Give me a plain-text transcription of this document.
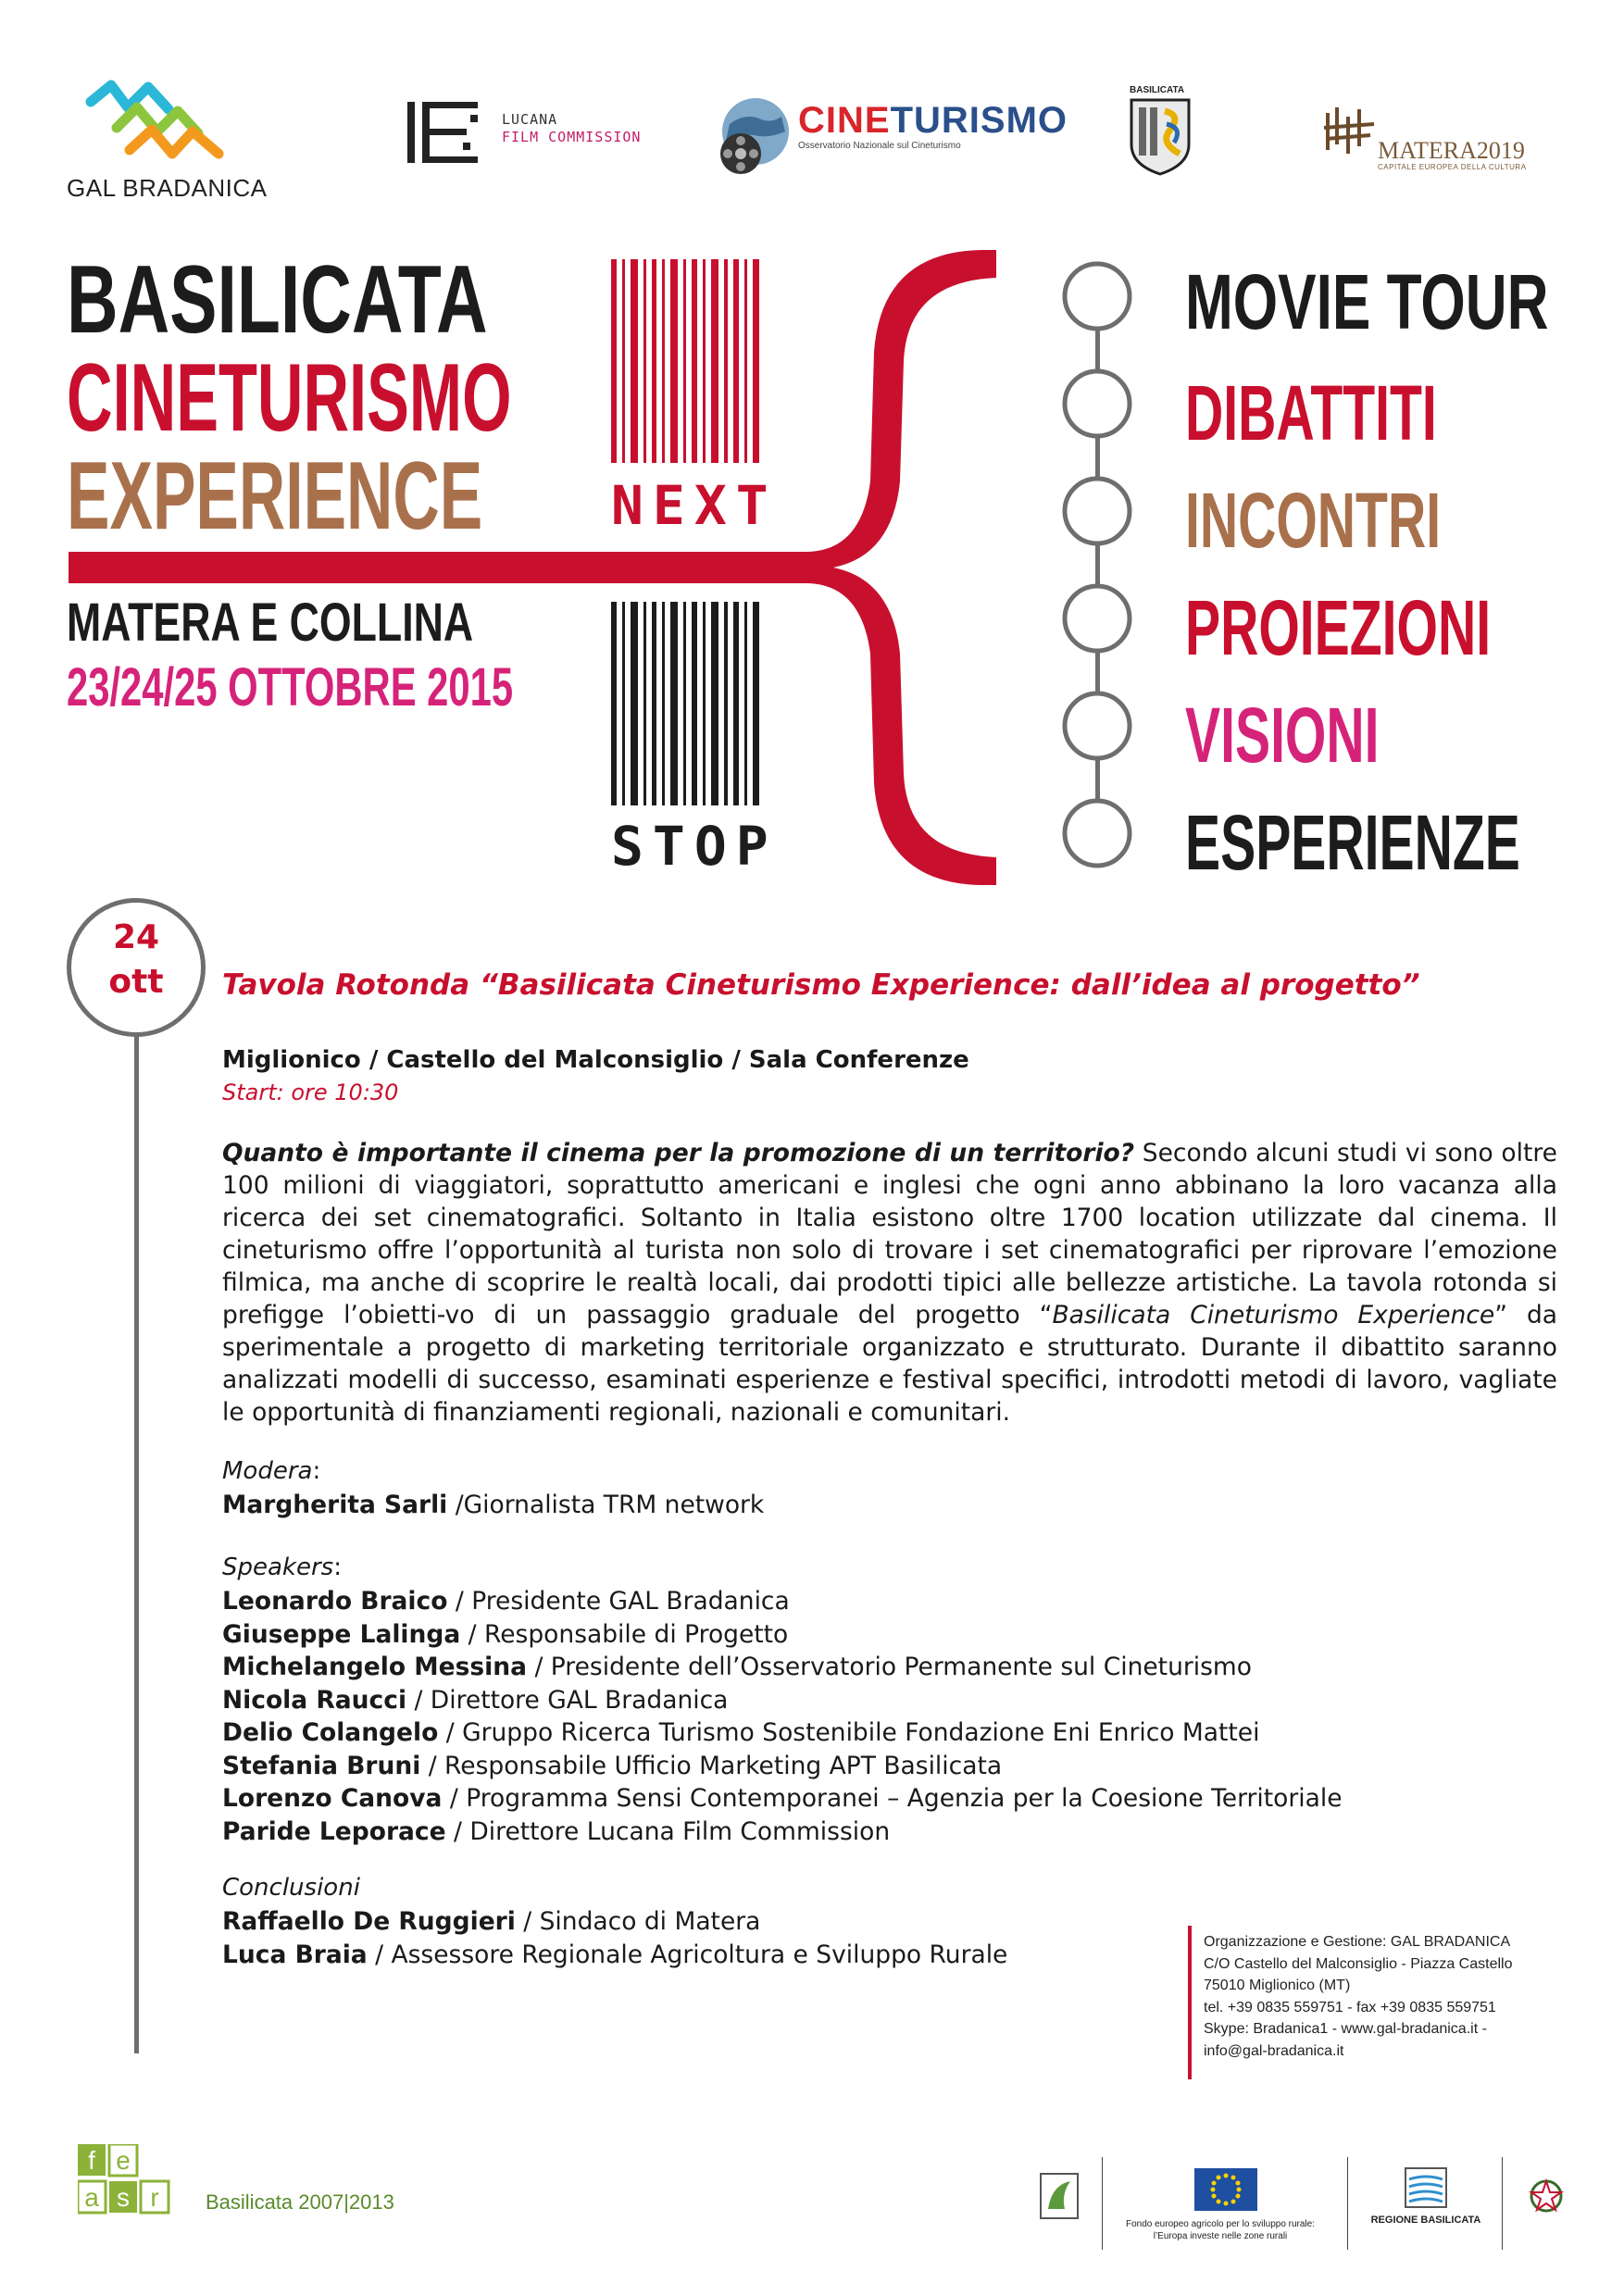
GAL BRADANICA
LUCANA
FILM COMMISSION	CINETURISMO
Osservatorio Nazionale sul Cineturismo
BASILICATA
MATERA2019
CAPITALE EUROPEA DELLA CULTURA
BASILICATA
CINETURISMO
EXPERIENCE
MATERA E COLLINA
23/24/25 OTTOBRE 2015
NEXT
STOP
MOVIE TOUR
DIBATTITI
INCONTRI
PROIEZIONI
VISIONI
ESPERIENZE
24
ott	Tavola Rotonda “Basilicata Cineturismo Experience: dall’idea al progetto”
Miglionico / Castello del Malconsiglio / Sala Conferenze
Start: ore 10:30
Quanto è importante il cinema per la promozione di un territorio? Secondo alcuni studi vi sono oltre 100 milioni di viaggiatori, soprattutto americani e inglesi che ogni anno abbinano la loro vacanza alla ricerca dei set cinematografici. Soltanto in Italia esistono oltre 1700 location utilizzate dal cinema. Il cineturismo offre l’opportunità al turista non solo di trovare i set cinematografici per riprovare l’emozione filmica, ma anche di scoprire le realtà locali, dai prodotti tipici alle bellezze artistiche. La tavola rotonda si prefigge l’obietti-vo di un passaggio graduale del progetto “Basilicata Cineturismo Experience” da sperimentale a progetto di marketing territoriale organizzato e strutturato. Durante il dibattito saranno analizzati modelli di successo, esaminati esperienze e festival specifici, introdotti metodi di lavoro, vagliate le opportunità di finanziamenti regionali, nazionali e comunitari.
Modera:
Margherita Sarli /Giornalista TRM network
Speakers:
Leonardo Braico / Presidente GAL Bradanica
Giuseppe Lalinga / Responsabile di Progetto
Michelangelo Messina / Presidente dell’Osservatorio Permanente sul Cineturismo
Nicola Raucci / Direttore GAL Bradanica
Delio Colangelo / Gruppo Ricerca Turismo Sostenibile Fondazione Eni Enrico Mattei
Stefania Bruni / Responsabile Ufficio Marketing APT Basilicata
Lorenzo Canova / Programma Sensi Contemporanei – Agenzia per la Coesione Territoriale
Paride Leporace / Direttore Lucana Film Commission
Conclusioni
Raffaello De Ruggieri / Sindaco di Matera
Luca Braia / Assessore Regionale Agricoltura e Sviluppo Rurale	Organizzazione e Gestione: GAL BRADANICA
C/O Castello del Malconsiglio - Piazza Castello
75010 Miglionico (MT)
tel. +39 0835 559751 - fax +39 0835 559751
Skype: Bradanica1 - www.gal-bradanica.it -
info@gal-bradanica.it
f e
a s r Basilicata 2007|2013
Fondo europeo agricolo per lo sviluppo rurale:
l’Europa investe nelle zone rurali
REGIONE BASILICATA
